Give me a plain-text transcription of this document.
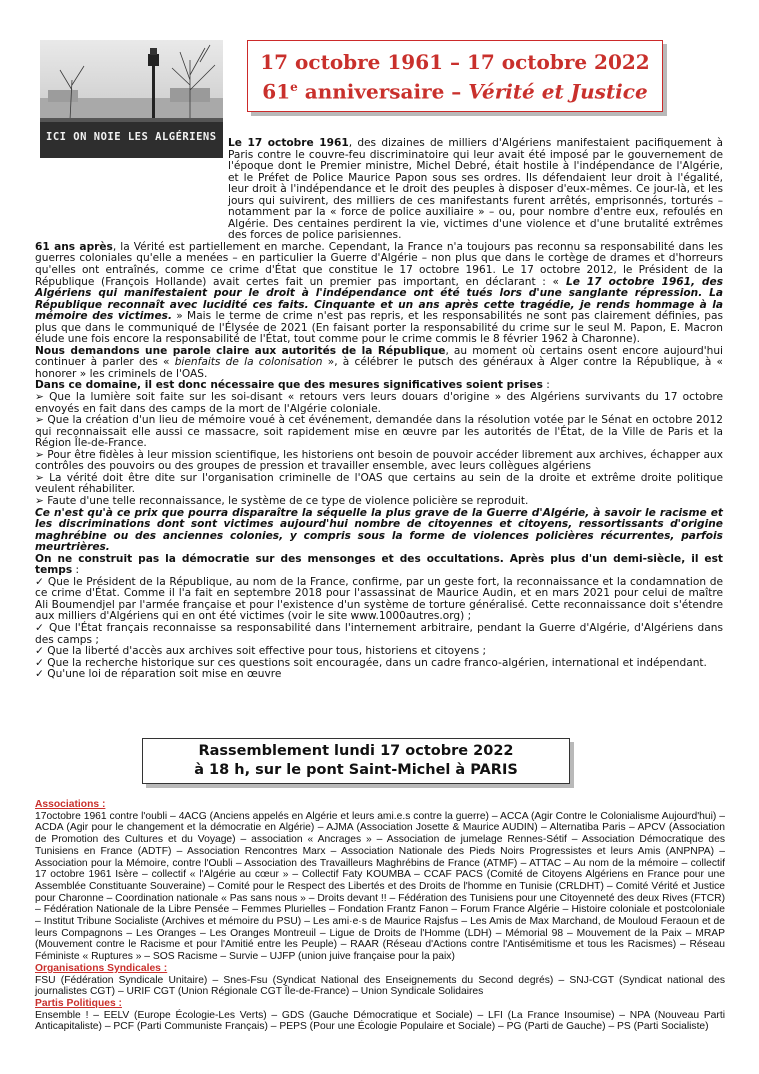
ICI ON NOIE LES ALGÉRIENS
17 octobre 1961 – 17 octobre 2022
61e anniversaire – Vérité et Justice

Le 17 octobre 1961, des dizaines de milliers d'Algériens manifestaient pacifiquement à Paris contre le couvre-feu discriminatoire qui leur avait été imposé par le gouvernement de l'époque dont le Premier ministre, Michel Debré, était hostile à l'indépendance de l'Algérie, et le Préfet de Police Maurice Papon sous ses ordres. Ils défendaient leur droit à l'égalité, leur droit à l'indépendance et le droit des peuples à disposer d'eux-mêmes. Ce jour-là, et les jours qui suivirent, des milliers de ces manifestants furent arrêtés, emprisonnés, torturés – notamment par la « force de police auxiliaire » – ou, pour nombre d'entre eux, refoulés en Algérie. Des centaines perdirent la vie, victimes d'une violence et d'une brutalité extrêmes des forces de police parisiennes.

61 ans après, la Vérité est partiellement en marche. Cependant, la France n'a toujours pas reconnu sa responsabilité dans les guerres coloniales qu'elle a menées – en particulier la Guerre d'Algérie – non plus que dans le cortège de drames et d'horreurs qu'elles ont entraînés, comme ce crime d'État que constitue le 17 octobre 1961. Le 17 octobre 2012, le Président de la République (François Hollande) avait certes fait un premier pas important, en déclarant : « Le 17 octobre 1961, des Algériens qui manifestaient pour le droit à l'indépendance ont été tués lors d'une sanglante répression. La République reconnaît avec lucidité ces faits. Cinquante et un ans après cette tragédie, je rends hommage à la mémoire des victimes. » Mais le terme de crime n'est pas repris, et les responsabilités ne sont pas clairement définies, pas plus que dans le communiqué de l'Élysée de 2021 (En faisant porter la responsabilité du crime sur le seul M. Papon, E. Macron élude une fois encore la responsabilité de l'État, tout comme pour le crime commis le 8 février 1962 à Charonne).

Nous demandons une parole claire aux autorités de la République, au moment où certains osent encore aujourd'hui continuer à parler des « bienfaits de la colonisation », à célébrer le putsch des généraux à Alger contre la République, à « honorer » les criminels de l'OAS.

Dans ce domaine, il est donc nécessaire que des mesures significatives soient prises :

➢ Que la lumière soit faite sur les soi-disant « retours vers leurs douars d'origine » des Algériens survivants du 17 octobre envoyés en fait dans des camps de la mort de l'Algérie coloniale.

➢ Que la création d'un lieu de mémoire voué à cet événement, demandée dans la résolution votée par le Sénat en octobre 2012 qui reconnaissait elle aussi ce massacre, soit rapidement mise en œuvre par les autorités de l'État, de la Ville de Paris et la Région Île-de-France.

➢ Pour être fidèles à leur mission scientifique, les historiens ont besoin de pouvoir accéder librement aux archives, échapper aux contrôles des pouvoirs ou des groupes de pression et travailler ensemble, avec leurs collègues algériens

➢ La vérité doit être dite sur l'organisation criminelle de l'OAS que certains au sein de la droite et extrême droite politique veulent réhabiliter.

➢ Faute d'une telle reconnaissance, le système de ce type de violence policière se reproduit.

Ce n'est qu'à ce prix que pourra disparaître la séquelle la plus grave de la Guerre d'Algérie, à savoir le racisme et les discriminations dont sont victimes aujourd'hui nombre de citoyennes et citoyens, ressortissants d'origine maghrébine ou des anciennes colonies, y compris sous la forme de violences policières récurrentes, parfois meurtrières.

On ne construit pas la démocratie sur des mensonges et des occultations. Après plus d'un demi-siècle, il est temps :

✓ Que le Président de la République, au nom de la France, confirme, par un geste fort, la reconnaissance et la condamnation de ce crime d'État. Comme il l'a fait en septembre 2018 pour l'assassinat de Maurice Audin, et en mars 2021 pour celui de maître Ali Boumendjel par l'armée française et pour l'existence d'un système de torture généralisé. Cette reconnaissance doit s'étendre aux milliers d'Algériens qui en ont été victimes (voir le site www.1000autres.org) ;

✓ Que l'État français reconnaisse sa responsabilité dans l'internement arbitraire, pendant la Guerre d'Algérie, d'Algériens dans des camps ;

✓ Que la liberté d'accès aux archives soit effective pour tous, historiens et citoyens ;

✓ Que la recherche historique sur ces questions soit encouragée, dans un cadre franco-algérien, international et indépendant.

✓ Qu'une loi de réparation soit mise en œuvre

Rassemblement lundi 17 octobre 2022
à 18 h, sur le pont Saint-Michel à PARIS

Associations :

17octobre 1961 contre l'oubli – 4ACG (Anciens appelés en Algérie et leurs ami.e.s contre la guerre) – ACCA (Agir Contre le Colonialisme Aujourd'hui) – ACDA (Agir pour le changement et la démocratie en Algérie) – AJMA (Association Josette & Maurice AUDIN) – Alternatiba Paris – APCV (Association de Promotion des Cultures et du Voyage) – association « Ancrages » – Association de jumelage Rennes-Sétif – Association Démocratique des Tunisiens en France (ADTF) – Association Rencontres Marx – Association Nationale des Pieds Noirs Progressistes et leurs Amis (ANPNPA) – Association pour la Mémoire, contre l'Oubli – Association des Travailleurs Maghrébins de France (ATMF) – ATTAC – Au nom de la mémoire – collectif 17 octobre 1961 Isère – collectif « l'Algérie au cœur » – Collectif Faty KOUMBA – CCAF PACS (Comité de Citoyens Algériens en France pour une Assemblée Constituante Souveraine) – Comité pour le Respect des Libertés et des Droits de l'homme en Tunisie (CRLDHT) – Comité Vérité et Justice pour Charonne – Coordination nationale « Pas sans nous » – Droits devant !! – Fédération des Tunisiens pour une Citoyenneté des deux Rives (FTCR) – Fédération Nationale de la Libre Pensée – Femmes Plurielles – Fondation Frantz Fanon – Forum France Algérie – Histoire coloniale et postcoloniale – Institut Tribune Socialiste (Archives et mémoire du PSU) – Les ami·e·s de Maurice Rajsfus – Les Amis de Max Marchand, de Mouloud Feraoun et de leurs Compagnons – Les Oranges – Les Oranges Montreuil – Ligue de Droits de l'Homme (LDH) – Mémorial 98 – Mouvement de la Paix – MRAP (Mouvement contre le Racisme et pour l'Amitié entre les Peuple) – RAAR (Réseau d'Actions contre l'Antisémitisme et tous les Racismes) – Réseau Féministe « Ruptures » – SOS Racisme – Survie – UJFP (union juive française pour la paix)

Organisations Syndicales :

FSU (Fédération Syndicale Unitaire) – Snes-Fsu (Syndicat National des Enseignements du Second degrés) – SNJ-CGT (Syndicat national des journalistes CGT) – URIF CGT (Union Régionale CGT Île-de-France) – Union Syndicale Solidaires

Partis Politiques :

Ensemble ! – EELV (Europe Écologie-Les Verts) – GDS (Gauche Démocratique et Sociale) – LFI (La France Insoumise) – NPA (Nouveau Parti Anticapitaliste) – PCF (Parti Communiste Français) – PEPS (Pour une Écologie Populaire et Sociale) – PG (Parti de Gauche) – PS (Parti Socialiste)
